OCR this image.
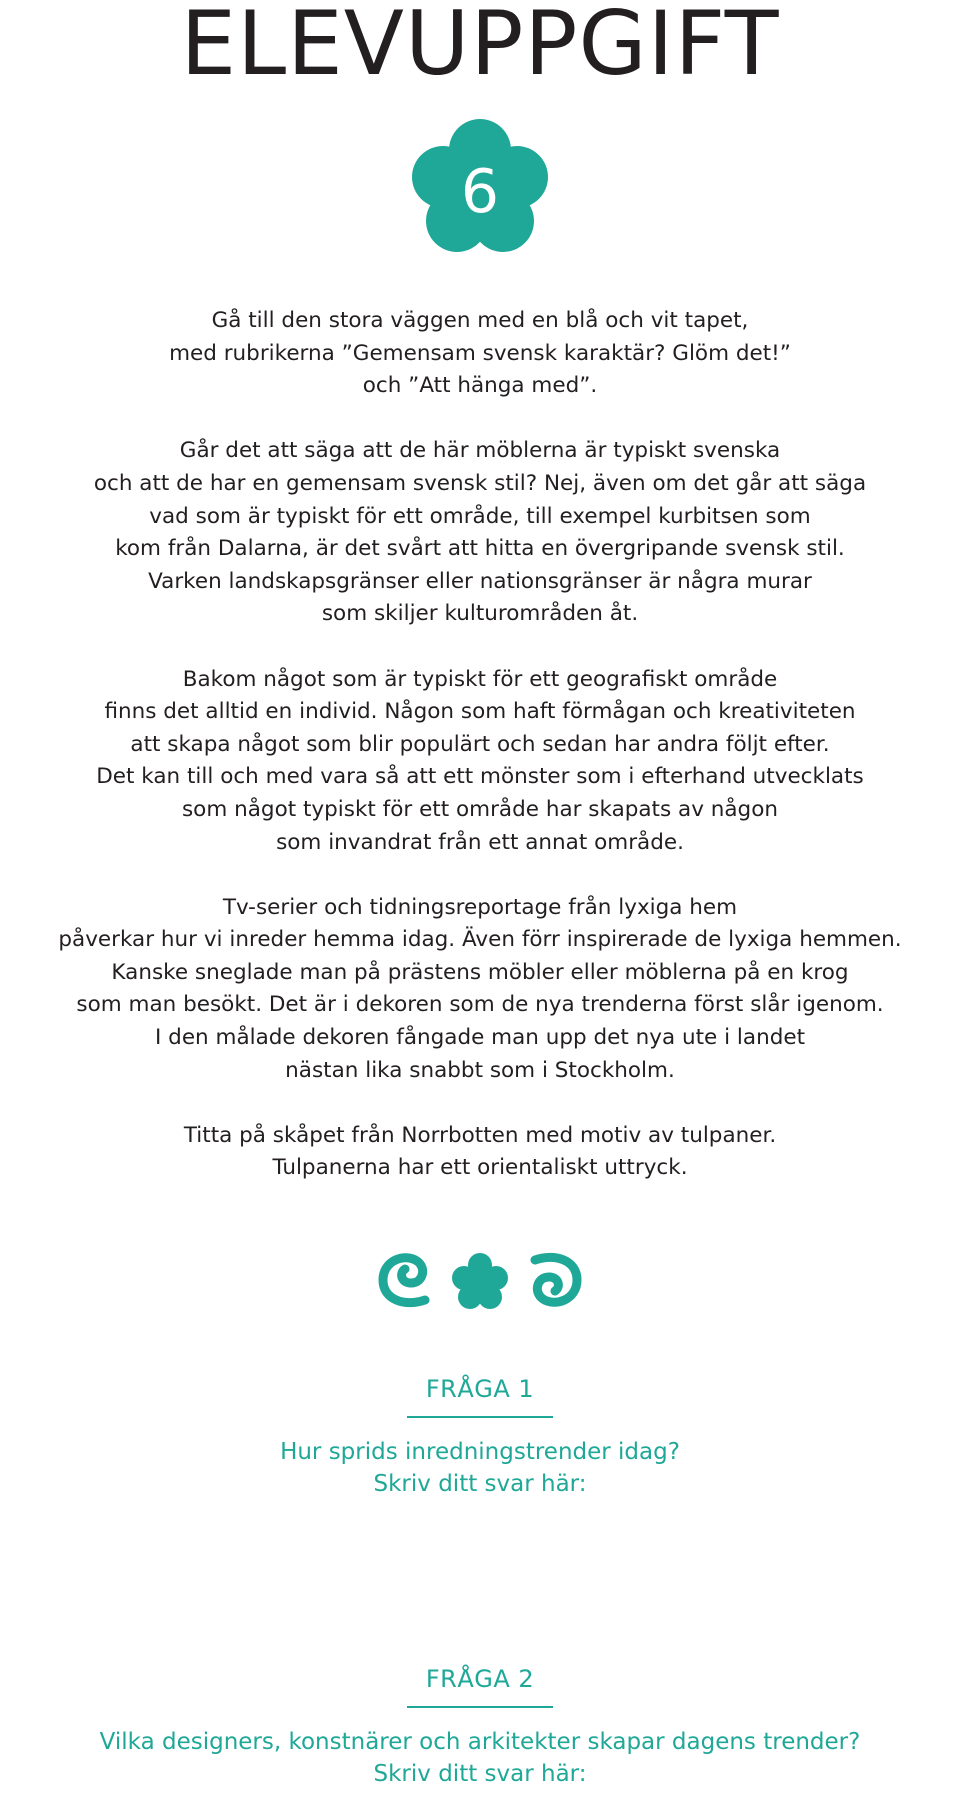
ELEVUPPGIFT
6

Gå till den stora väggen med en blå och vit tapet,
med rubrikerna ”Gemensam svensk karaktär? Glöm det!”
och ”Att hänga med”.

Går det att säga att de här möblerna är typiskt svenska
och att de har en gemensam svensk stil? Nej, även om det går att säga
vad som är typiskt för ett område, till exempel kurbitsen som
kom från Dalarna, är det svårt att hitta en övergripande svensk stil.
Varken landskapsgränser eller nationsgränser är några murar
som skiljer kulturområden åt.

Bakom något som är typiskt för ett geografiskt område
finns det alltid en individ. Någon som haft förmågan och kreativiteten
att skapa något som blir populärt och sedan har andra följt efter.
Det kan till och med vara så att ett mönster som i efterhand utvecklats
som något typiskt för ett område har skapats av någon
som invandrat från ett annat område.

Tv-serier och tidningsreportage från lyxiga hem
påverkar hur vi inreder hemma idag. Även förr inspirerade de lyxiga hemmen.
Kanske sneglade man på prästens möbler eller möblerna på en krog
som man besökt. Det är i dekoren som de nya trenderna först slår igenom.
I den målade dekoren fångade man upp det nya ute i landet
nästan lika snabbt som i Stockholm.

Titta på skåpet från Norrbotten med motiv av tulpaner.
Tulpanerna har ett orientaliskt uttryck.

FRÅGA 1

Hur sprids inredningstrender idag?
Skriv ditt svar här:

FRÅGA 2

Vilka designers, konstnärer och arkitekter skapar dagens trender?
Skriv ditt svar här:
